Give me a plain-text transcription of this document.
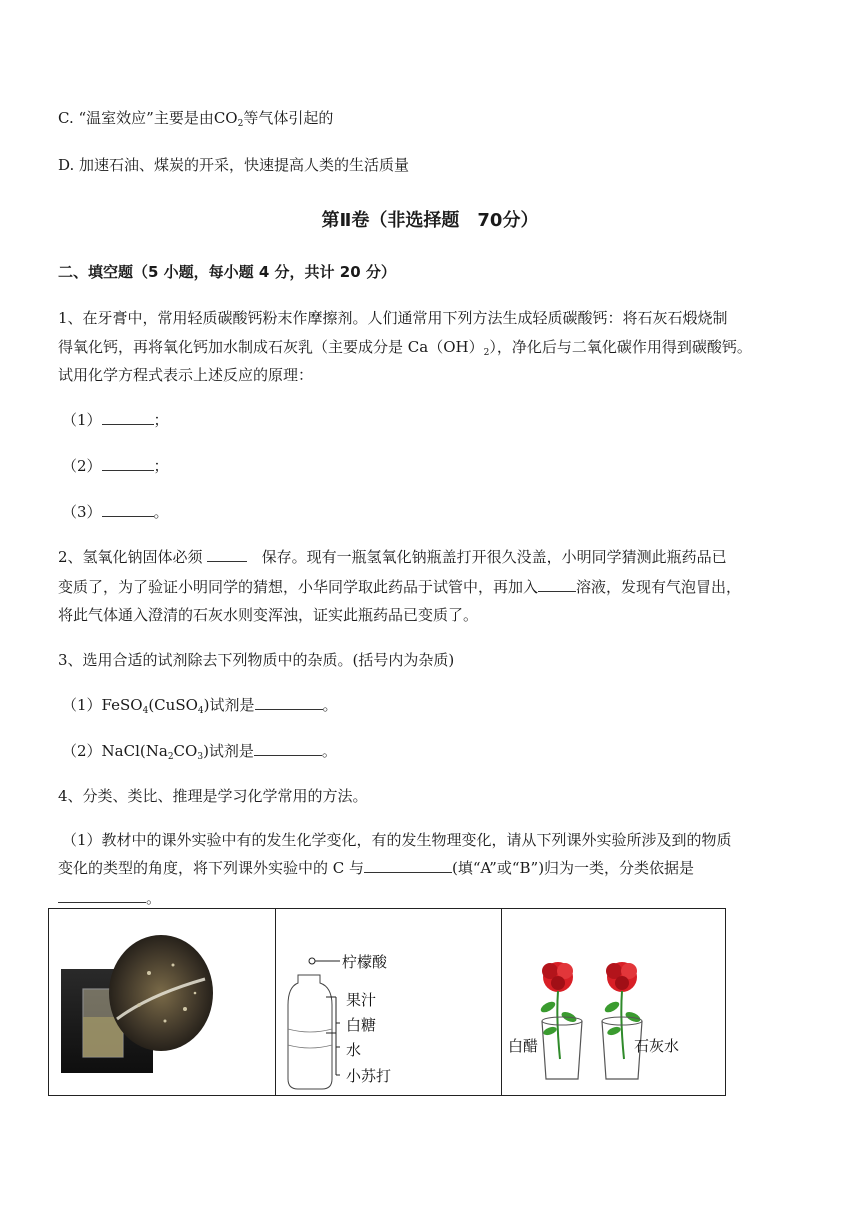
C. “温室效应”主要是由$CO_2$等气体引起的
D. 加速石油、煤炭的开采，快速提高人类的生活质量
第Ⅱ卷（非选择题　70分）
二、填空题（5 小题，每小题 4 分，共计 20 分）
1、在牙膏中，常用轻质碳酸钙粉末作摩擦剂。人们通常用下列方法生成轻质碳酸钙：将石灰石煅烧制
得氧化钙，再将氧化钙加水制成石灰乳（主要成分是 $Ca(OH)_2$），净化后与二氧化碳作用得到碳酸钙。
试用化学方程式表示上述反应的原理：
（1）	；
（2）	；
（3）	。
2、氢氧化钠固体必须	保存。现有一瓶氢氧化钠瓶盖打开很久没盖，小明同学猜测此瓶药品已
变质了，为了验证小明同学的猜想，小华同学取此药品于试管中，再加入	溶液，发现有气泡冒出，
将此气体通入澄清的石灰水则变浑浊，证实此瓶药品已变质了。
3、选用合适的试剂除去下列物质中的杂质。(括号内为杂质)
（1）FeSO$_4$(CuSO$_4$)试剂是	。
$(2)NaCl(Na_2CO_3)$试剂是	。
4、分类、类比、推理是学习化学常用的方法。
（1）教材中的课外实验中有的发生化学变化，有的发生物理变化，请从下列课外实验所涉及到的物质
变化的类型的角度，将下列课外实验中的 C 与	(填“A”或“B”)归为一类，分类依据是
。
柠檬酸
果汁
白糖
水
小苏打
白醋	石灰水
